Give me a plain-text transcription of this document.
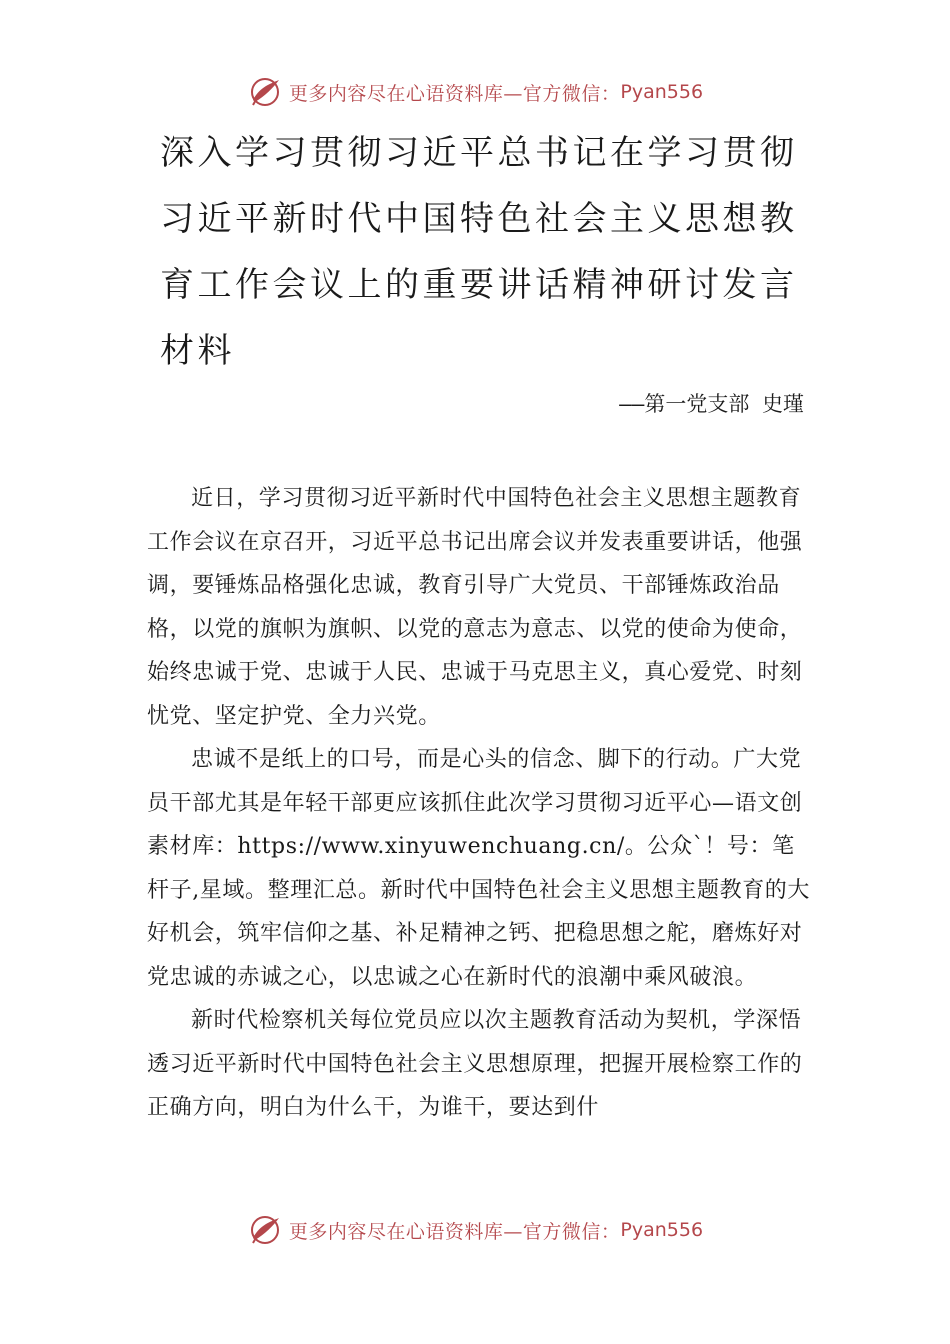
更多内容尽在心语资料库—官方微信： Pyan556
深入学习贯彻习近平总书记在学习贯彻习近平新时代中国特色社会主义思想教育工作会议上的重要讲话精神研讨发言材料
——第一党支部 史瑾

近日，学习贯彻习近平新时代中国特色社会主义思想主题教育工作会议在京召开，习近平总书记出席会议并发表重要讲话，他强调，要锤炼品格强化忠诚，教育引导广大党员、干部锤炼政治品格，以党的旗帜为旗帜、以党的意志为意志、以党的使命为使命，始终忠诚于党、忠诚于人民、忠诚于马克思主义，真心爱党、时刻忧党、坚定护党、全力兴党。

忠诚不是纸上的口号，而是心头的信念、脚下的行动。广大党员干部尤其是年轻干部更应该抓住此次学习贯彻习近平心—语文创素材库：https://www.xinyuwenchuang.cn/。公众`！号：笔杆子,星域。整理汇总。新时代中国特色社会主义思想主题教育的大好机会，筑牢信仰之基、补足精神之钙、把稳思想之舵，磨炼好对党忠诚的赤诚之心，以忠诚之心在新时代的浪潮中乘风破浪。

新时代检察机关每位党员应以次主题教育活动为契机，学深悟透习近平新时代中国特色社会主义思想原理，把握开展检察工作的正确方向，明白为什么干，为谁干，要达到什

更多内容尽在心语资料库—官方微信： Pyan556
